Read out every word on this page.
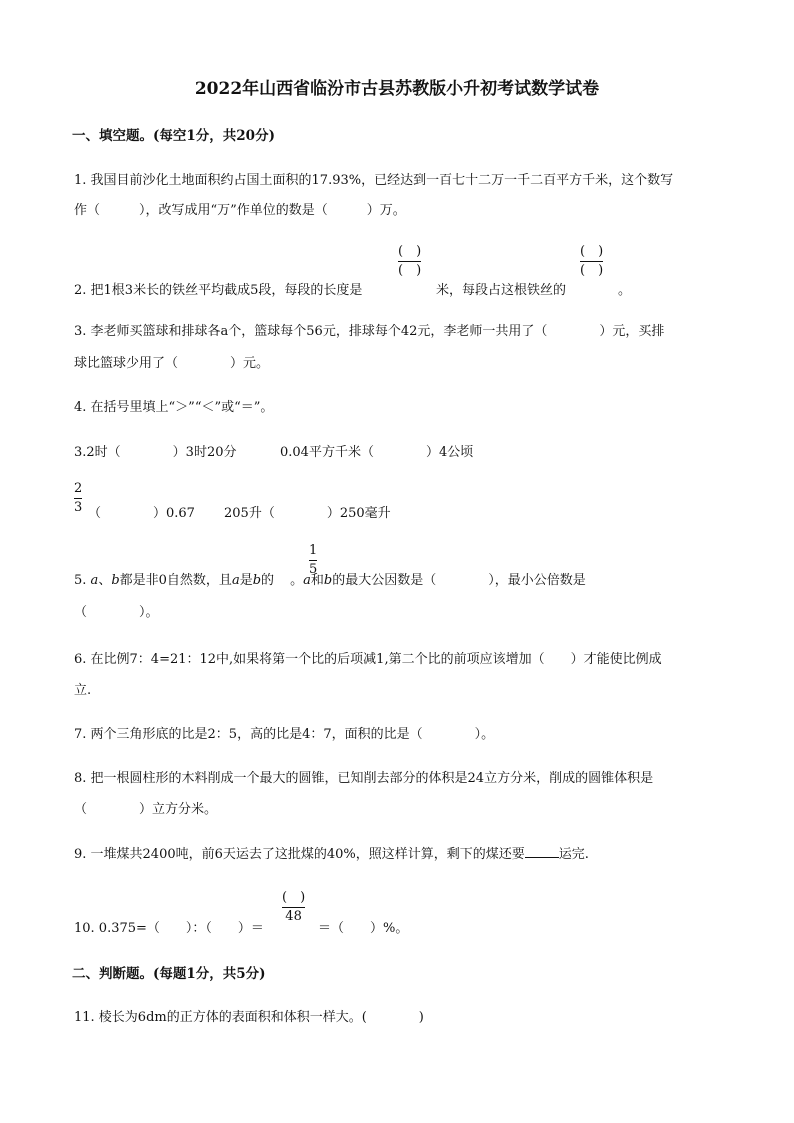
2022年山西省临汾市古县苏教版小升初考试数学试卷
一、填空题。(每空1分，共20分)
1. 我国目前沙化土地面积约占国土面积的17.93%，已经达到一百七十二万一千二百平方千米，这个数写
作（　　　），改写成用“万”作单位的数是（　　　）万。
2. 把1根3米长的铁丝平均截成5段，每段的长度是
(　)
(　)
米，每段占这根铁丝的
(　)
(　)
。
3. 李老师买篮球和排球各a个，篮球每个56元，排球每个42元，李老师一共用了（　　　　）元，买排
球比篮球少用了（　　　　）元。
4. 在括号里填上“＞”“＜”或“＝”。
3.2时（　　　　）3时20分	0.04平方千米（　　　　）4公顷
2
3 （　　　　）0.67 205升（　　　　）250毫升
5. a、b都是非0自然数，且a是b的 。a和b的最大公因数是（　　　　），最小公倍数是
1
5
（　　　　）。
6. 在比例7：4=21：12中,如果将第一个比的后项减1,第二个比的前项应该增加（　　）才能使比例成
立.
7. 两个三角形底的比是2：5，高的比是4：7，面积的比是（　　　　）。
8. 把一根圆柱形的木料削成一个最大的圆锥，已知削去部分的体积是24立方分米，削成的圆锥体积是
（　　　　）立方分米。
9. 一堆煤共2400吨，前6天运去了这批煤的40%，照这样计算，剩下的煤还要	运完.
10. 0.375=（　　）：（　　）＝
(　)
48
＝（　　）%。
二、判断题。(每题1分，共5分)
11. 棱长为6dm的正方体的表面积和体积一样大。(　　　　)
